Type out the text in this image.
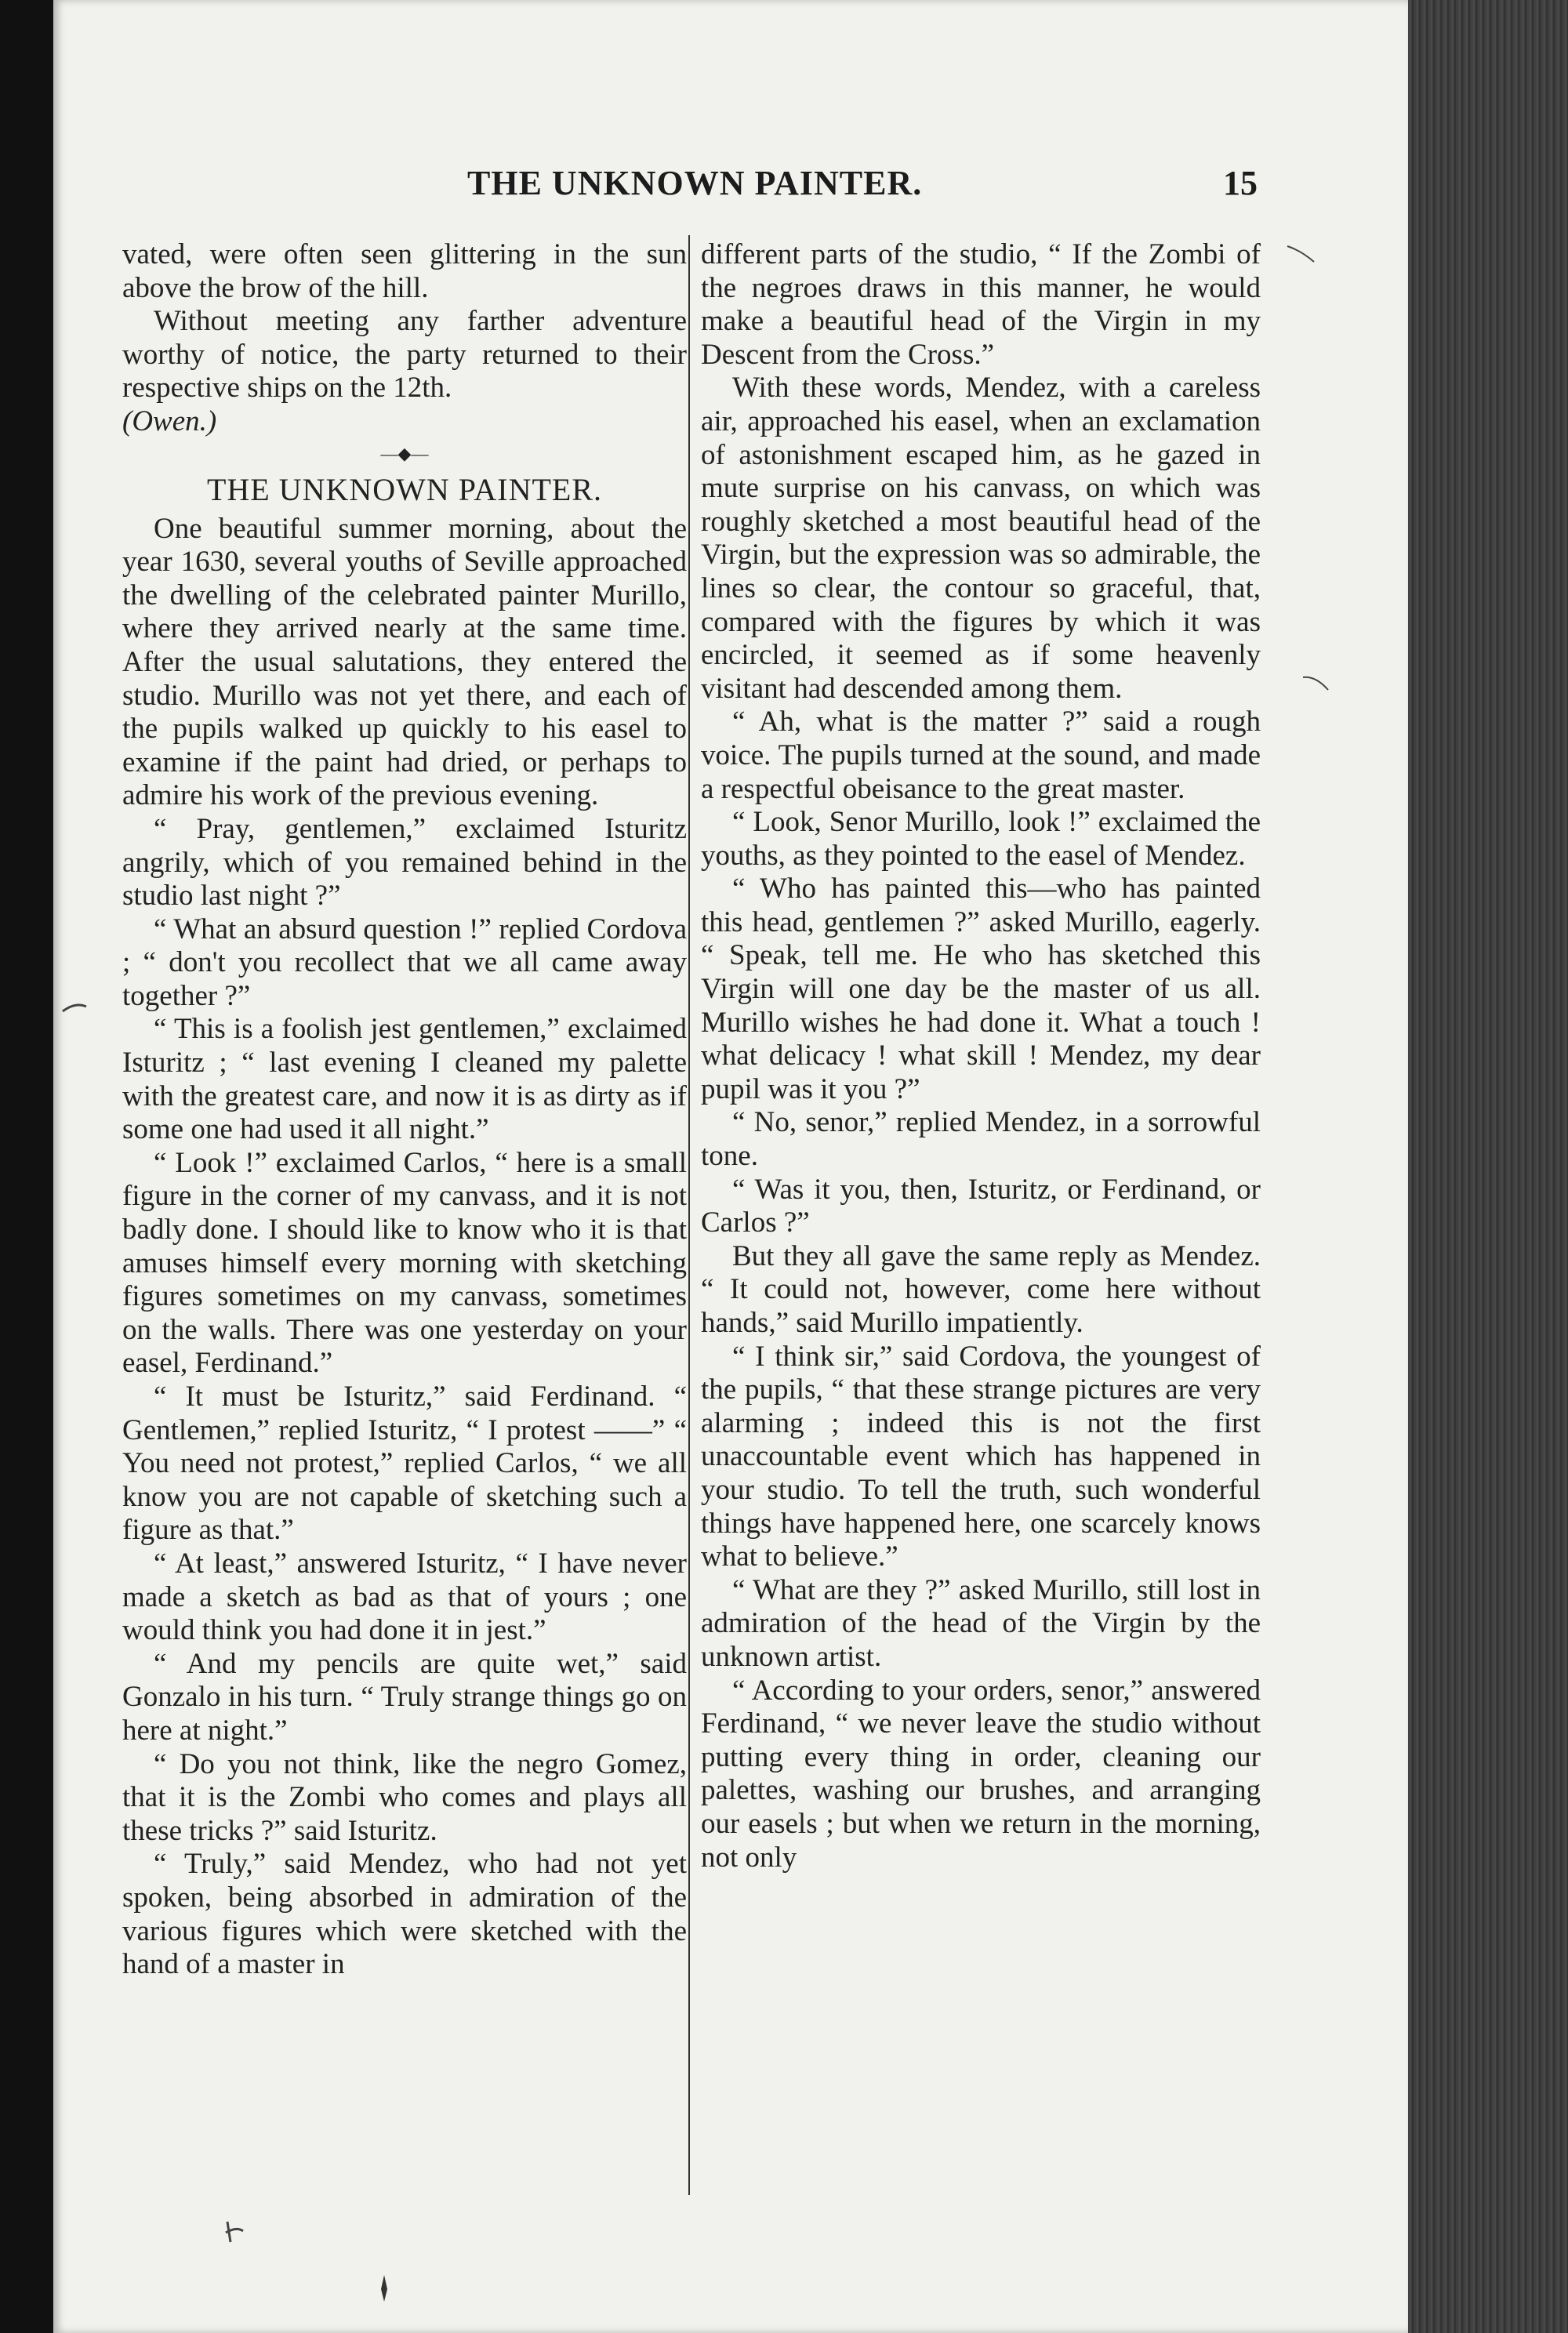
THE UNKNOWN PAINTER.	15

vated, were often seen glittering in the sun above the brow of the hill.

Without meeting any farther adventure worthy of notice, the party returned to their respective ships on the 12th.

(Owen.)

—◆—
THE UNKNOWN PAINTER.

One beautiful summer morning, about the year 1630, several youths of Seville approached the dwelling of the celebrated painter Murillo, where they arrived nearly at the same time. After the usual salutations, they entered the studio. Murillo was not yet there, and each of the pupils walked up quickly to his easel to examine if the paint had dried, or perhaps to admire his work of the previous evening.

“ Pray, gentlemen,” exclaimed Isturitz angrily, which of you remained behind in the studio last night ?”

“ What an absurd question !” replied Cordova ; “ don't you recollect that we all came away together ?”

“ This is a foolish jest gentlemen,” exclaimed Isturitz ; “ last evening I cleaned my palette with the greatest care, and now it is as dirty as if some one had used it all night.”

“ Look !” exclaimed Carlos, “ here is a small figure in the corner of my canvass, and it is not badly done. I should like to know who it is that amuses himself every morning with sketching figures sometimes on my canvass, sometimes on the walls. There was one yesterday on your easel, Ferdinand.”

“ It must be Isturitz,” said Ferdinand. “ Gentlemen,” replied Isturitz, “ I protest ——” “ You need not protest,” replied Carlos, “ we all know you are not capable of sketching such a figure as that.”

“ At least,” answered Isturitz, “ I have never made a sketch as bad as that of yours ; one would think you had done it in jest.”

“ And my pencils are quite wet,” said Gonzalo in his turn. “ Truly strange things go on here at night.”

“ Do you not think, like the negro Gomez, that it is the Zombi who comes and plays all these tricks ?” said Isturitz.

“ Truly,” said Mendez, who had not yet spoken, being absorbed in admiration of the various figures which were sketched with the hand of a master in

different parts of the studio, “ If the Zombi of the negroes draws in this manner, he would make a beautiful head of the Virgin in my Descent from the Cross.”

With these words, Mendez, with a careless air, approached his easel, when an exclamation of astonishment escaped him, as he gazed in mute surprise on his canvass, on which was roughly sketched a most beautiful head of the Virgin, but the expression was so admirable, the lines so clear, the contour so graceful, that, compared with the figures by which it was encircled, it seemed as if some heavenly visitant had descended among them.

“ Ah, what is the matter ?” said a rough voice. The pupils turned at the sound, and made a respectful obeisance to the great master.

“ Look, Senor Murillo, look !” exclaimed the youths, as they pointed to the easel of Mendez.

“ Who has painted this—who has painted this head, gentlemen ?” asked Murillo, eagerly. “ Speak, tell me. He who has sketched this Virgin will one day be the master of us all. Murillo wishes he had done it. What a touch ! what delicacy ! what skill ! Mendez, my dear pupil was it you ?”

“ No, senor,” replied Mendez, in a sorrowful tone.

“ Was it you, then, Isturitz, or Ferdinand, or Carlos ?”

But they all gave the same reply as Mendez. “ It could not, however, come here without hands,” said Murillo impatiently.

“ I think sir,” said Cordova, the youngest of the pupils, “ that these strange pictures are very alarming ; indeed this is not the first unaccountable event which has happened in your studio. To tell the truth, such wonderful things have happened here, one scarcely knows what to believe.”

“ What are they ?” asked Murillo, still lost in admiration of the head of the Virgin by the unknown artist.

“ According to your orders, senor,” answered Ferdinand, “ we never leave the studio without putting every thing in order, cleaning our palettes, washing our brushes, and arranging our easels ; but when we return in the morning, not only
